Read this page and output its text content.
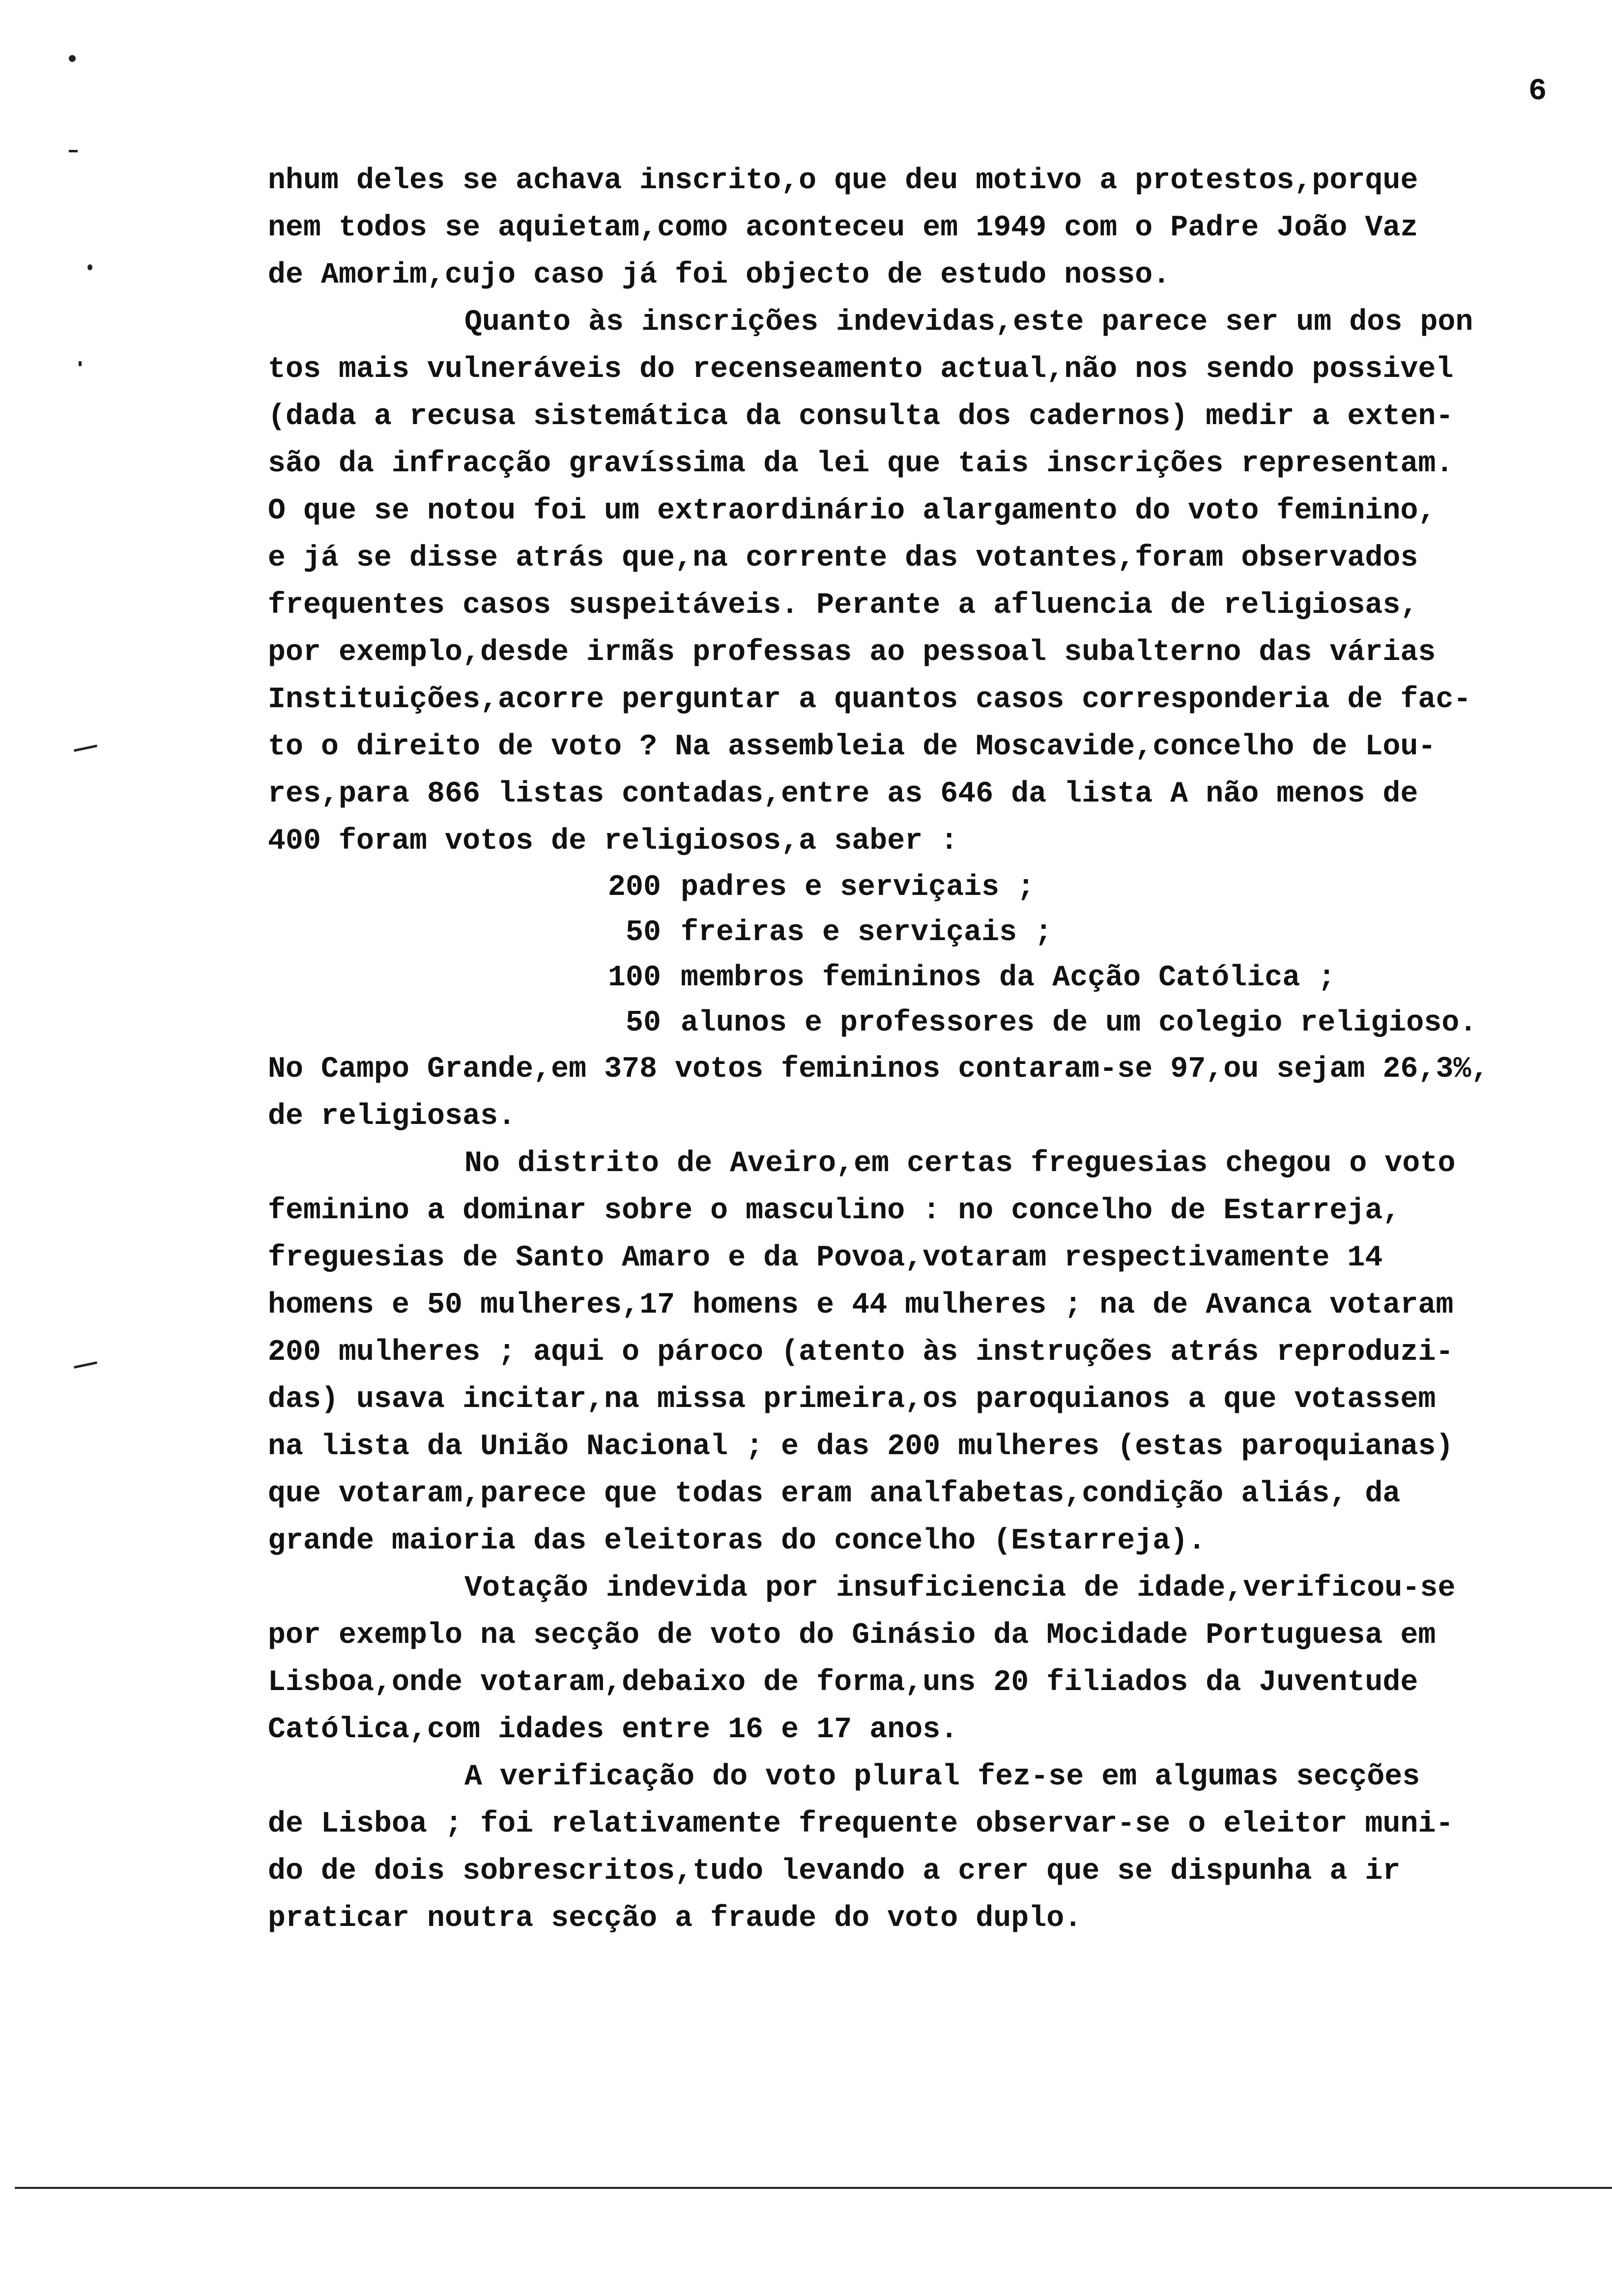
6
nhum deles se achava inscrito,o que deu motivo a protestos,porque
nem todos se aquietam,como aconteceu em 1949 com o Padre João Vaz
de Amorim,cujo caso já foi objecto de estudo nosso.
Quanto às inscrições indevidas,este parece ser um dos pon
tos mais vulneráveis do recenseamento actual,não nos sendo possivel
(dada a recusa sistemática da consulta dos cadernos) medir a exten-
são da infracção gravíssima da lei que tais inscrições representam.
O que se notou foi um extraordinário alargamento do voto feminino,
e já se disse atrás que,na corrente das votantes,foram observados
frequentes casos suspeitáveis. Perante a afluencia de religiosas,
por exemplo,desde irmãs professas ao pessoal subalterno das várias
Instituições,acorre perguntar a quantos casos corresponderia de fac-
to o direito de voto ? Na assembleia de Moscavide,concelho de Lou-
res,para 866 listas contadas,entre as 646 da lista A não menos de
400 foram votos de religiosos,a saber :
200 padres e serviçais ;
50 freiras e serviçais ;
100 membros femininos da Acção Católica ;
50 alunos e professores de um colegio religioso.
No Campo Grande,em 378 votos femininos contaram-se 97,ou sejam 26,3%,
de religiosas.
No distrito de Aveiro,em certas freguesias chegou o voto
feminino a dominar sobre o masculino : no concelho de Estarreja,
freguesias de Santo Amaro e da Povoa,votaram respectivamente 14
homens e 50 mulheres,17 homens e 44 mulheres ; na de Avanca votaram
200 mulheres ; aqui o pároco (atento às instruções atrás reproduzi-
das) usava incitar,na missa primeira,os paroquianos a que votassem
na lista da União Nacional ; e das 200 mulheres (estas paroquianas)
que votaram,parece que todas eram analfabetas,condição aliás, da
grande maioria das eleitoras do concelho (Estarreja).
Votação indevida por insuficiencia de idade,verificou-se
por exemplo na secção de voto do Ginásio da Mocidade Portuguesa em
Lisboa,onde votaram,debaixo de forma,uns 20 filiados da Juventude
Católica,com idades entre 16 e 17 anos.
A verificação do voto plural fez-se em algumas secções
de Lisboa ; foi relativamente frequente observar-se o eleitor muni-
do de dois sobrescritos,tudo levando a crer que se dispunha a ir
praticar noutra secção a fraude do voto duplo.
